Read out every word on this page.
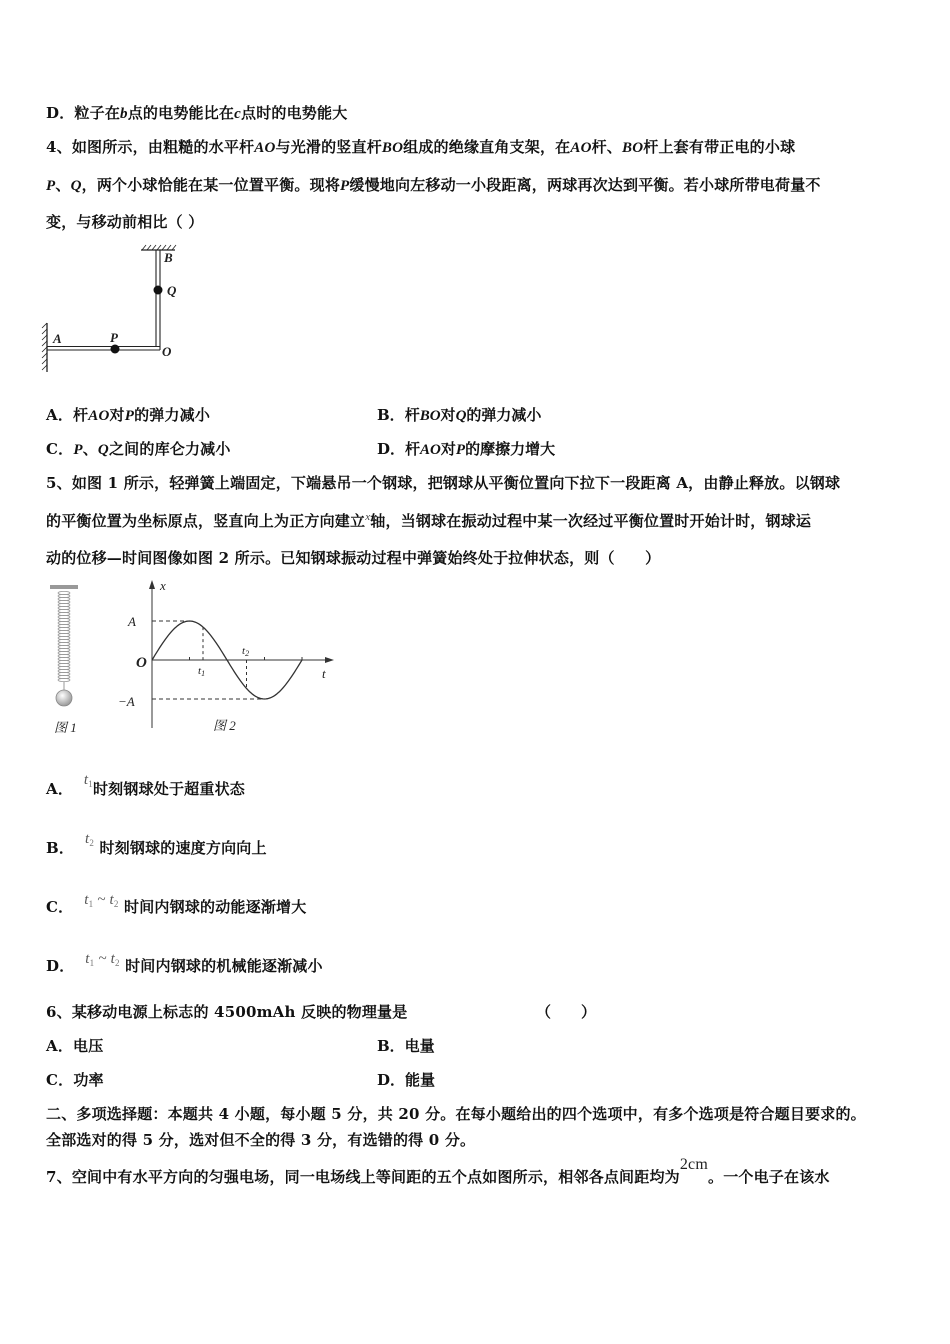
D．粒子在b点的电势能比在c点时的电势能大
4、如图所示，由粗糙的水平杆AO与光滑的竖直杆BO组成的绝缘直角支架，在AO杆、BO杆上套有带正电的小球
P、Q，两个小球恰能在某一位置平衡。现将P缓慢地向左移动一小段距离，两球再次达到平衡。若小球所带电荷量不
变，与移动前相比（ ）
A	P
O
B
Q
A．杆AO对P的弹力减小	B．杆BO对Q的弹力减小
C．P、Q之间的库仑力减小	D．杆AO对P的摩擦力增大
5、如图 1 所示，轻弹簧上端固定，下端悬吊一个钢球，把钢球从平衡位置向下拉下一段距离 A，由静止释放。以钢球
的平衡位置为坐标原点，竖直向上为正方向建立$^x$轴，当钢球在振动过程中某一次经过平衡位置时开始计时，钢球运
动的位移—时间图像如图 2 所示。已知钢球振动过程中弹簧始终处于拉伸状态，则（　　）
图 1
x
A
O
−A
t1
t2
t
图 2
A． $t_1$时刻钢球处于超重状态
B． $t_2$ 时刻钢球的速度方向向上
C． $t_1$ ~ $t_2$ 时间内钢球的动能逐渐增大
D． $t_1$ ~ $t_2$ 时间内钢球的机械能逐渐减小
6、某移动电源上标志的 4500mAh 反映的物理量是	（　　）
A．电压	B．电量
C．功率	D．能量
二、多项选择题：本题共 4 小题，每小题 5 分，共 20 分。在每小题给出的四个选项中，有多个选项是符合题目要求的。
全部选对的得 5 分，选对但不全的得 3 分，有选错的得 0 分。
7、空间中有水平方向的匀强电场，同一电场线上等间距的五个点如图所示，相邻各点间距均为2cm。一个电子在该水
